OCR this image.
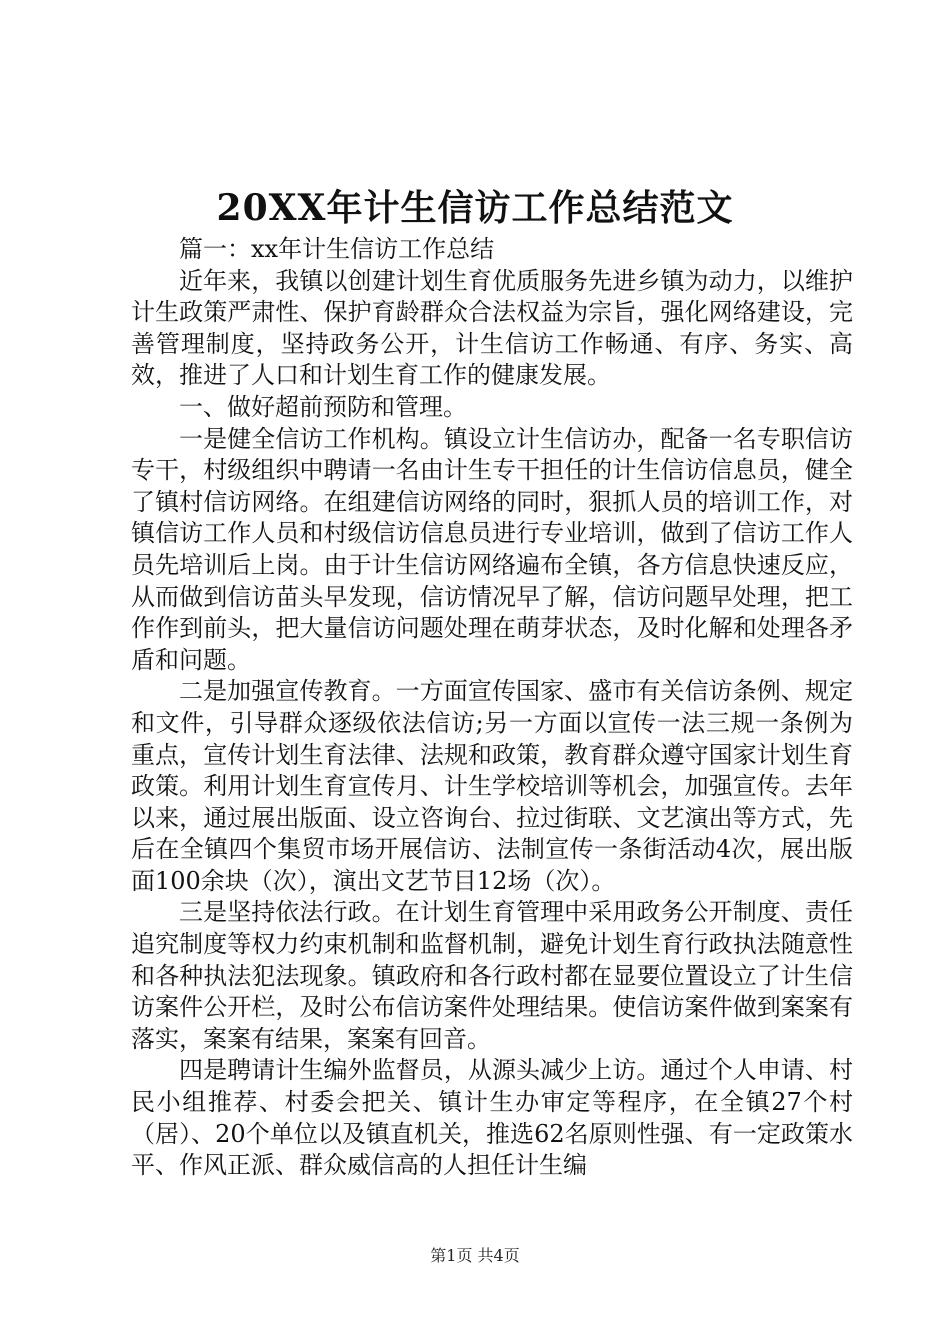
20XX年计生信访工作总结范文

篇一：xx年计生信访工作总结

近年来，我镇以创建计划生育优质服务先进乡镇为动力，以维护计生政策严肃性、保护育龄群众合法权益为宗旨，强化网络建设，完善管理制度，坚持政务公开，计生信访工作畅通、有序、务实、高效，推进了人口和计划生育工作的健康发展。

一、做好超前预防和管理。

一是健全信访工作机构。镇设立计生信访办，配备一名专职信访专干，村级组织中聘请一名由计生专干担任的计生信访信息员，健全了镇村信访网络。在组建信访网络的同时，狠抓人员的培训工作，对镇信访工作人员和村级信访信息员进行专业培训，做到了信访工作人员先培训后上岗。由于计生信访网络遍布全镇，各方信息快速反应，从而做到信访苗头早发现，信访情况早了解，信访问题早处理，把工作作到前头，把大量信访问题处理在萌芽状态，及时化解和处理各矛盾和问题。

二是加强宣传教育。一方面宣传国家、盛市有关信访条例、规定和文件，引导群众逐级依法信访;另一方面以宣传一法三规一条例为重点，宣传计划生育法律、法规和政策，教育群众遵守国家计划生育政策。利用计划生育宣传月、计生学校培训等机会，加强宣传。去年以来，通过展出版面、设立咨询台、拉过街联、文艺演出等方式，先后在全镇四个集贸市场开展信访、法制宣传一条街活动4次，展出版面100余块（次），演出文艺节目12场（次）。

三是坚持依法行政。在计划生育管理中采用政务公开制度、责任追究制度等权力约束机制和监督机制，避免计划生育行政执法随意性和各种执法犯法现象。镇政府和各行政村都在显要位置设立了计生信访案件公开栏，及时公布信访案件处理结果。使信访案件做到案案有落实，案案有结果，案案有回音。

四是聘请计生编外监督员，从源头减少上访。通过个人申请、村民小组推荐、村委会把关、镇计生办审定等程序，在全镇27个村（居）、20个单位以及镇直机关，推选62名原则性强、有一定政策水平、作风正派、群众威信高的人担任计生编

第1页 共4页
